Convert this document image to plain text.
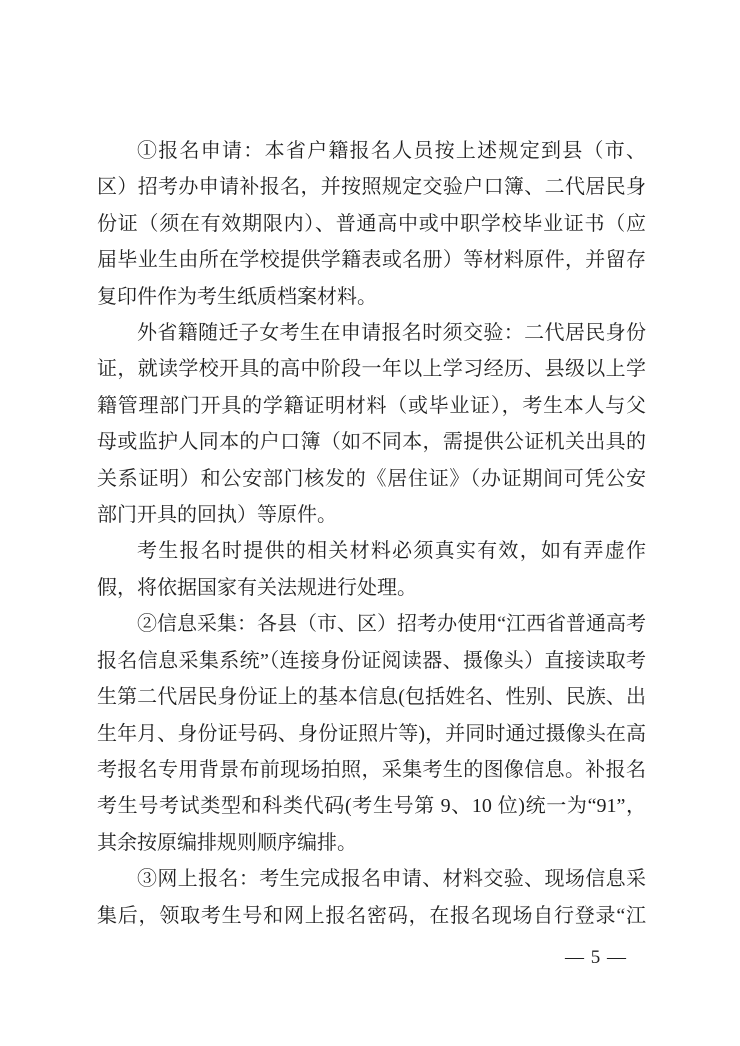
①报名申请：本省户籍报名人员按上述规定到县（市、区）招考办申请补报名，并按照规定交验户口簿、二代居民身份证（须在有效期限内）、普通高中或中职学校毕业证书（应届毕业生由所在学校提供学籍表或名册）等材料原件，并留存复印件作为考生纸质档案材料。

外省籍随迁子女考生在申请报名时须交验：二代居民身份证，就读学校开具的高中阶段一年以上学习经历、县级以上学籍管理部门开具的学籍证明材料（或毕业证），考生本人与父母或监护人同本的户口簿（如不同本，需提供公证机关出具的关系证明）和公安部门核发的《居住证》（办证期间可凭公安部门开具的回执）等原件。

考生报名时提供的相关材料必须真实有效，如有弄虚作假，将依据国家有关法规进行处理。

②信息采集：各县（市、区）招考办使用“江西省普通高考报名信息采集系统”（连接身份证阅读器、摄像头）直接读取考生第二代居民身份证上的基本信息(包括姓名、性别、民族、出生年月、身份证号码、身份证照片等)，并同时通过摄像头在高考报名专用背景布前现场拍照，采集考生的图像信息。补报名考生号考试类型和科类代码(考生号第 9、10 位)统一为“91”，其余按原编排规则顺序编排。

③网上报名：考生完成报名申请、材料交验、现场信息采集后，领取考生号和网上报名密码，在报名现场自行登录“江

— 5 —
